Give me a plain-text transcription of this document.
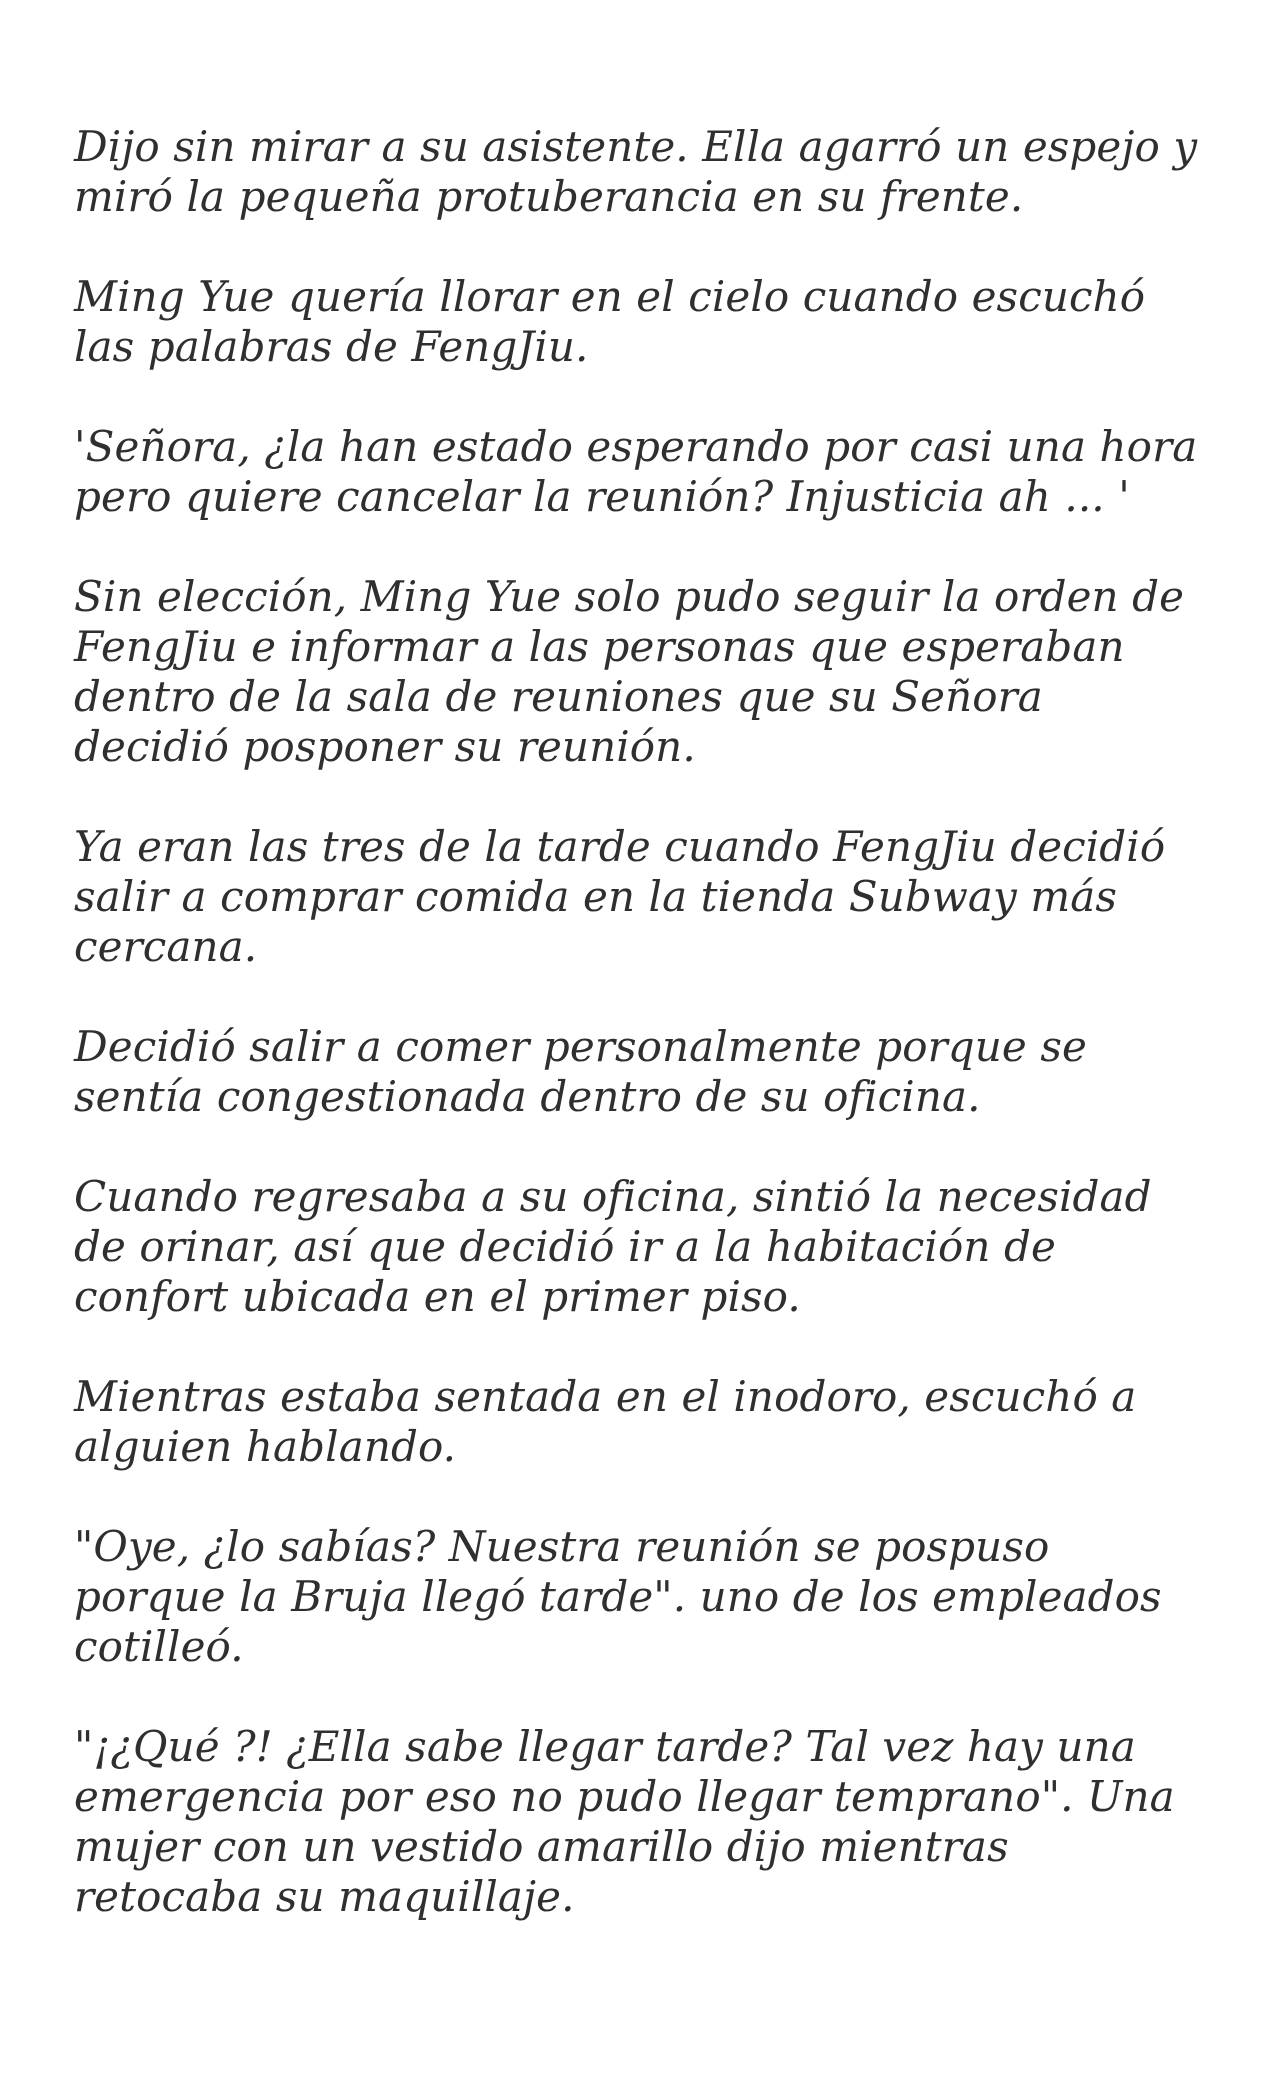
Dijo sin mirar a su asistente. Ella agarró un espejo y miró la pequeña protuberancia en su frente.

Ming Yue quería llorar en el cielo cuando escuchó las palabras de FengJiu.

'Señora, ¿la han estado esperando por casi una hora pero quiere cancelar la reunión? Injusticia ah ... '

Sin elección, Ming Yue solo pudo seguir la orden de FengJiu e informar a las personas que esperaban dentro de la sala de reuniones que su Señora decidió posponer su reunión.

Ya eran las tres de la tarde cuando FengJiu decidió salir a comprar comida en la tienda Subway más cercana.

Decidió salir a comer personalmente porque se sentía congestionada dentro de su oficina.

Cuando regresaba a su oficina, sintió la necesidad de orinar, así que decidió ir a la habitación de confort ubicada en el primer piso.

Mientras estaba sentada en el inodoro, escuchó a alguien hablando.

"Oye, ¿lo sabías? Nuestra reunión se pospuso porque la Bruja llegó tarde". uno de los empleados cotilleó.

"¡¿Qué ?! ¿Ella sabe llegar tarde? Tal vez hay una emergencia por eso no pudo llegar temprano". Una mujer con un vestido amarillo dijo mientras retocaba su maquillaje.
